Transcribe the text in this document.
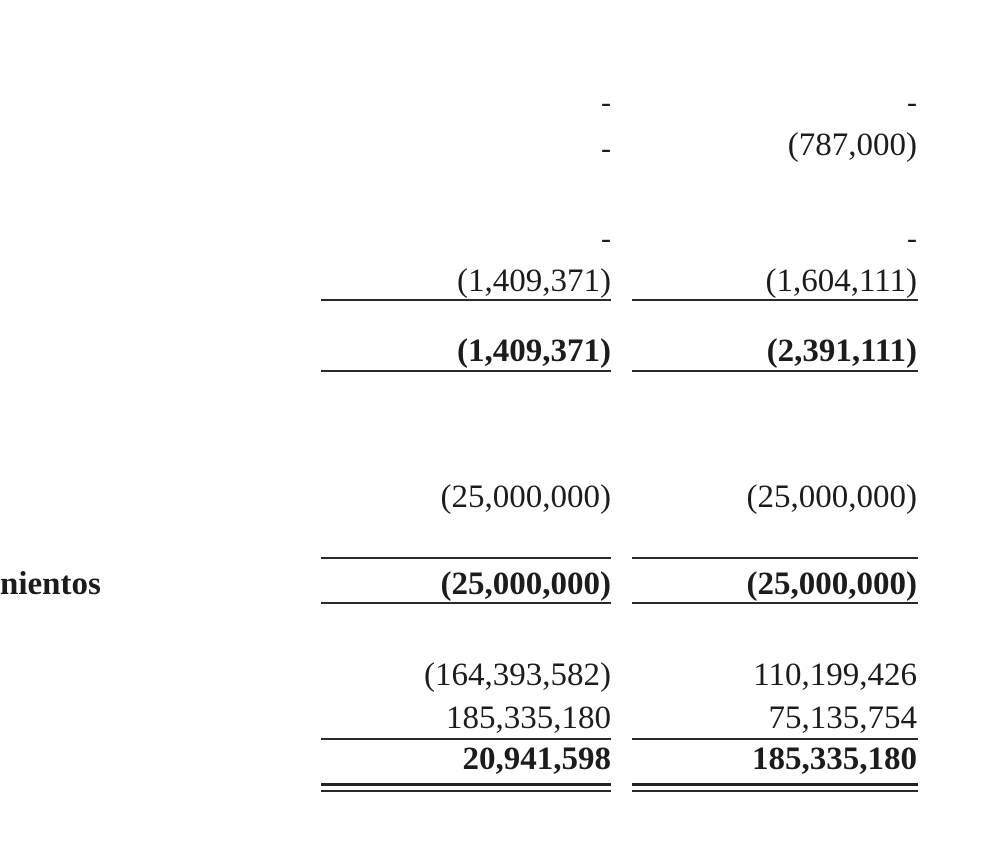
-	-
-	(787,000)
-	-
(1,409,371)	(1,604,111)
(1,409,371)	(2,391,111)
(25,000,000)	(25,000,000)
nientos	(25,000,000)	(25,000,000)
(164,393,582)	110,199,426
185,335,180	75,135,754
20,941,598	185,335,180
